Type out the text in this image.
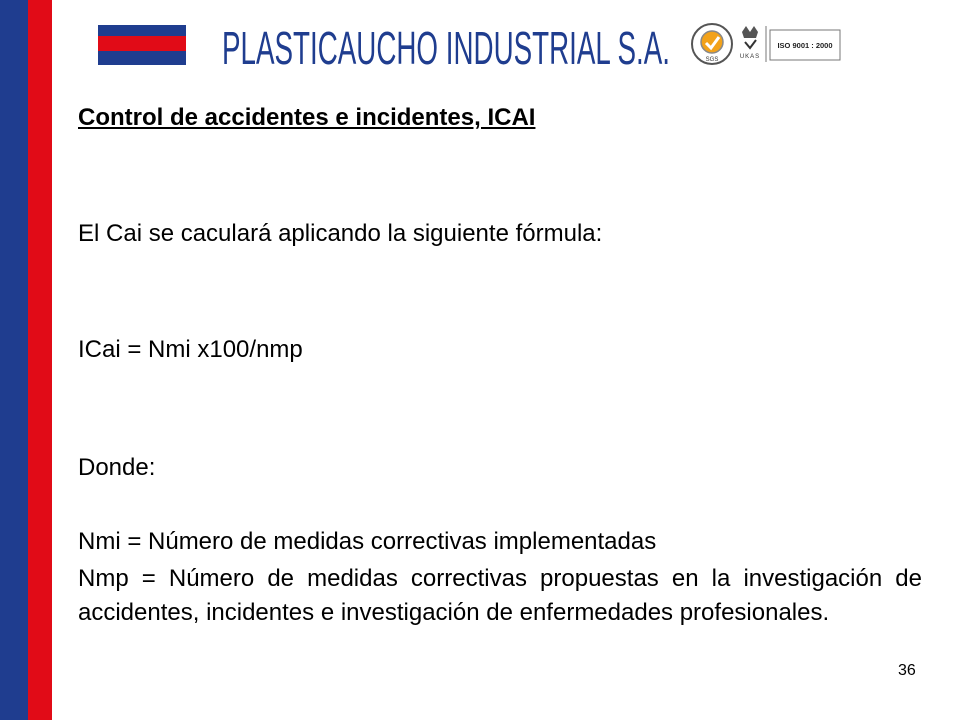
PLASTICAUCHO INDUSTRIAL S.A.	SGS	UKAS
ISO 9001 : 2000
Control de accidentes e incidentes, ICAI
El Cai se caculará aplicando la siguiente fórmula:
ICai = Nmi x100/nmp
Donde:
Nmi = Número de medidas correctivas implementadas
Nmp = Número de medidas correctivas propuestas en la investigación de accidentes, incidentes e investigación de enfermedades profesionales.
36
